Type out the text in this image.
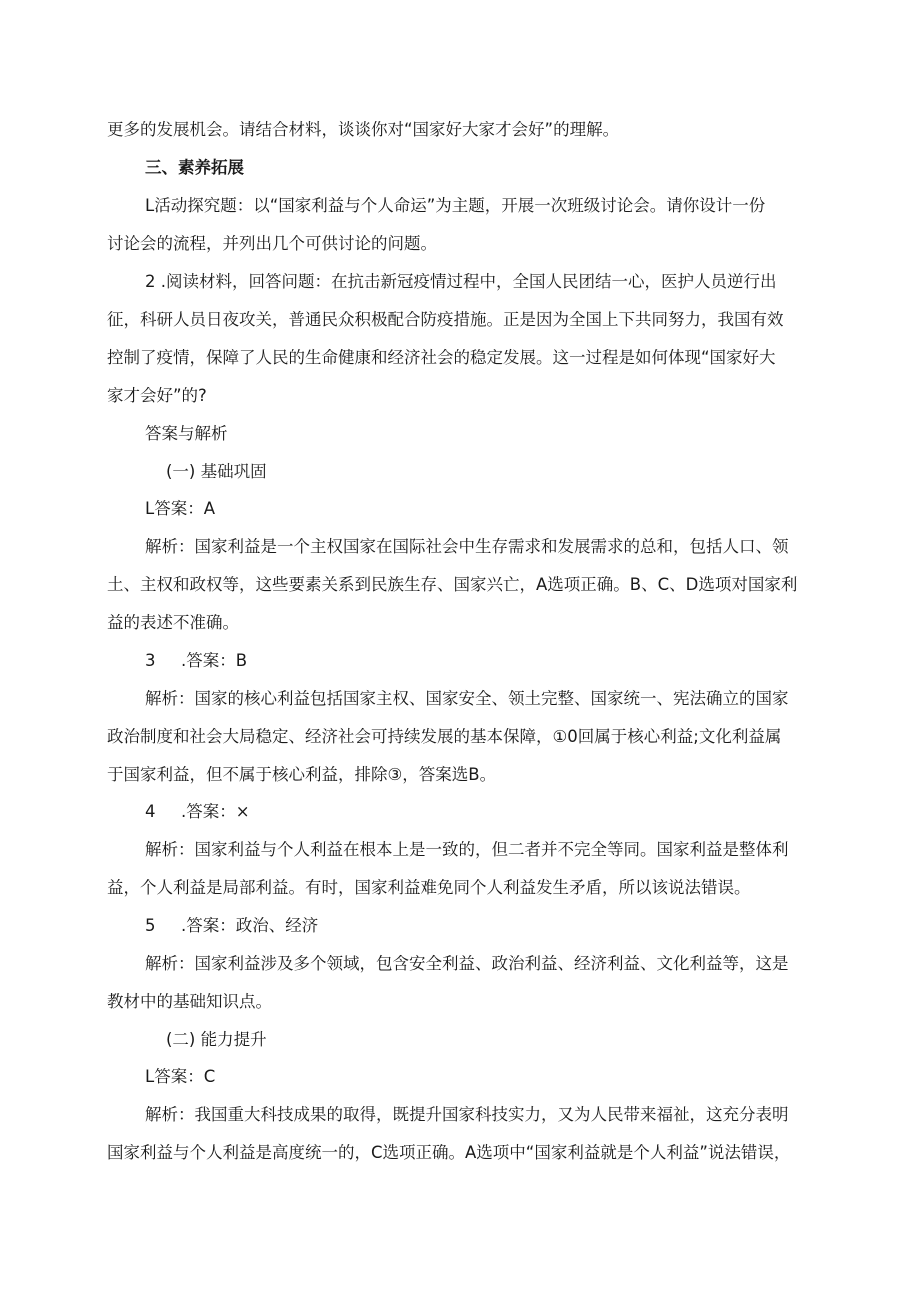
更多的发展机会。请结合材料，谈谈你对“国家好大家才会好”的理解。
三、素养拓展
L活动探究题：以“国家利益与个人命运”为主题，开展一次班级讨论会。请你设计一份
讨论会的流程，并列出几个可供讨论的问题。
2 .阅读材料，回答问题：在抗击新冠疫情过程中，全国人民团结一心，医护人员逆行出
征，科研人员日夜攻关，普通民众积极配合防疫措施。正是因为全国上下共同努力，我国有效
控制了疫情，保障了人民的生命健康和经济社会的稳定发展。这一过程是如何体现“国家好大
家才会好”的?
答案与解析
(一) 基础巩固
L答案：A
解析：国家利益是一个主权国家在国际社会中生存需求和发展需求的总和，包括人口、领
土、主权和政权等，这些要素关系到民族生存、国家兴亡，A选项正确。B、C、D选项对国家利
益的表述不准确。
3 .答案：B
解析：国家的核心利益包括国家主权、国家安全、领土完整、国家统一、宪法确立的国家
政治制度和社会大局稳定、经济社会可持续发展的基本保障，①0回属于核心利益;文化利益属
于国家利益，但不属于核心利益，排除③，答案选B。
4 .答案：×
解析：国家利益与个人利益在根本上是一致的，但二者并不完全等同。国家利益是整体利
益，个人利益是局部利益。有时，国家利益难免同个人利益发生矛盾，所以该说法错误。
5 .答案：政治、经济
解析：国家利益涉及多个领域，包含安全利益、政治利益、经济利益、文化利益等，这是
教材中的基础知识点。
(二) 能力提升
L答案：C
解析：我国重大科技成果的取得，既提升国家科技实力，又为人民带来福祉，这充分表明
国家利益与个人利益是高度统一的，C选项正确。A选项中“国家利益就是个人利益”说法错误，
